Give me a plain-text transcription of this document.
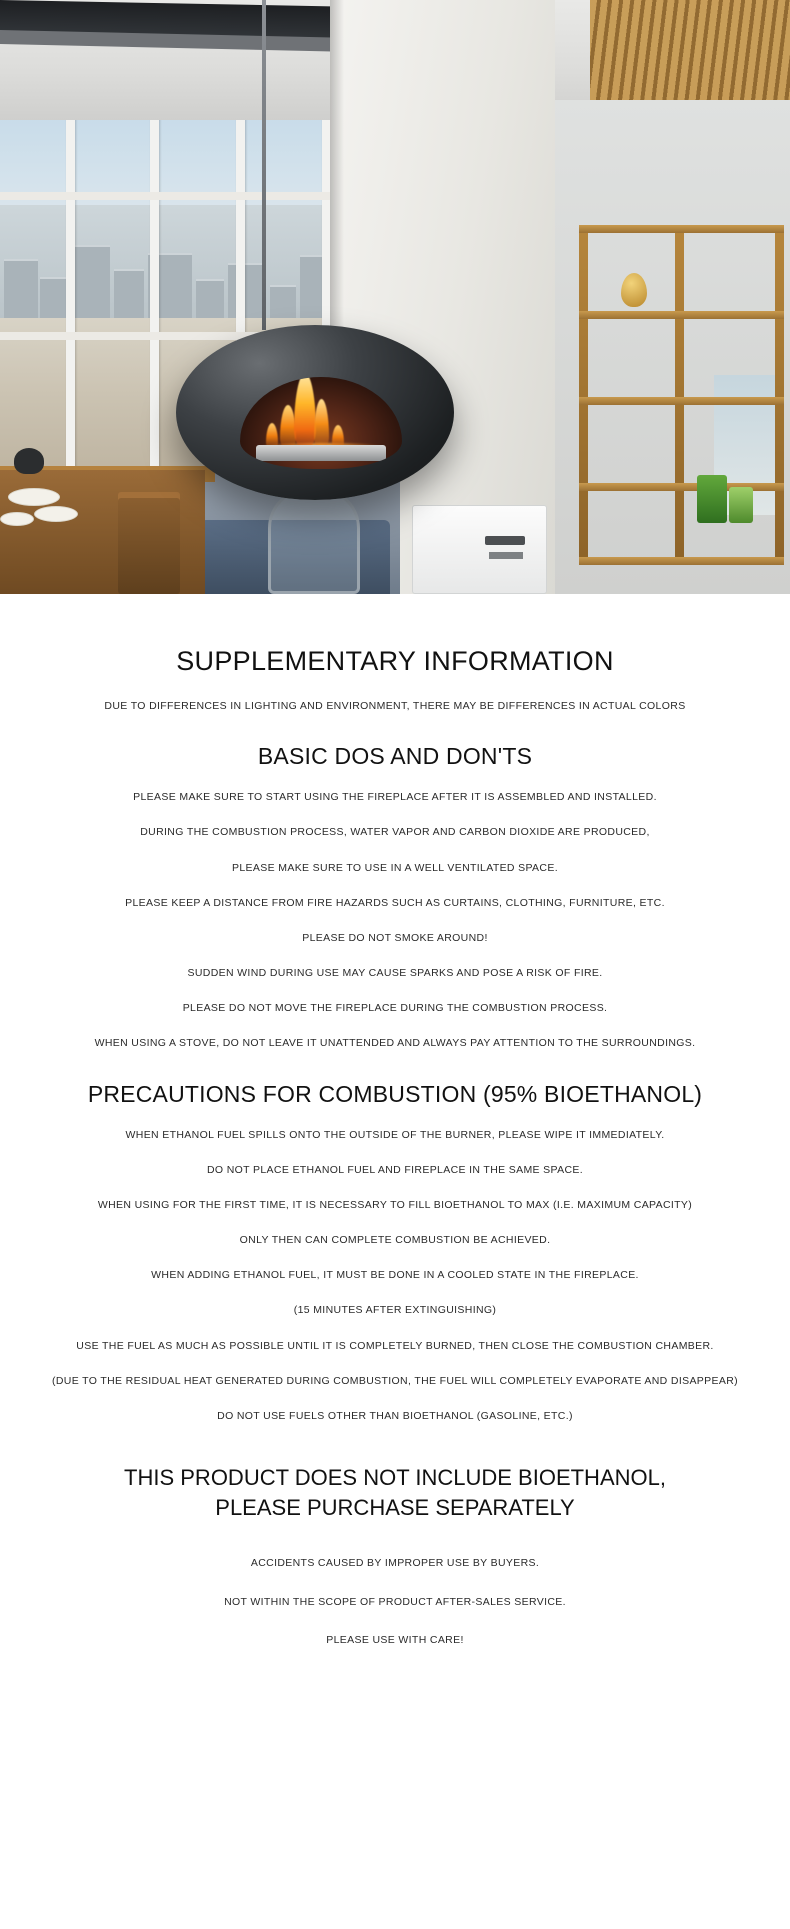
SUPPLEMENTARY INFORMATION

DUE TO DIFFERENCES IN LIGHTING AND ENVIRONMENT, THERE MAY BE DIFFERENCES IN ACTUAL COLORS

BASIC DOS AND DON'TS

PLEASE MAKE SURE TO START USING THE FIREPLACE AFTER IT IS ASSEMBLED AND INSTALLED.

DURING THE COMBUSTION PROCESS, WATER VAPOR AND CARBON DIOXIDE ARE PRODUCED,

PLEASE MAKE SURE TO USE IN A WELL VENTILATED SPACE.

PLEASE KEEP A DISTANCE FROM FIRE HAZARDS SUCH AS CURTAINS, CLOTHING, FURNITURE, ETC.

PLEASE DO NOT SMOKE AROUND!

SUDDEN WIND DURING USE MAY CAUSE SPARKS AND POSE A RISK OF FIRE.

PLEASE DO NOT MOVE THE FIREPLACE DURING THE COMBUSTION PROCESS.

WHEN USING A STOVE, DO NOT LEAVE IT UNATTENDED AND ALWAYS PAY ATTENTION TO THE SURROUNDINGS.

PRECAUTIONS FOR COMBUSTION (95% BIOETHANOL)

WHEN ETHANOL FUEL SPILLS ONTO THE OUTSIDE OF THE BURNER, PLEASE WIPE IT IMMEDIATELY.

DO NOT PLACE ETHANOL FUEL AND FIREPLACE IN THE SAME SPACE.

WHEN USING FOR THE FIRST TIME, IT IS NECESSARY TO FILL BIOETHANOL TO MAX (I.E. MAXIMUM CAPACITY)

ONLY THEN CAN COMPLETE COMBUSTION BE ACHIEVED.

WHEN ADDING ETHANOL FUEL, IT MUST BE DONE IN A COOLED STATE IN THE FIREPLACE.

(15 MINUTES AFTER EXTINGUISHING)

USE THE FUEL AS MUCH AS POSSIBLE UNTIL IT IS COMPLETELY BURNED, THEN CLOSE THE COMBUSTION CHAMBER.

(DUE TO THE RESIDUAL HEAT GENERATED DURING COMBUSTION, THE FUEL WILL COMPLETELY EVAPORATE AND DISAPPEAR)

DO NOT USE FUELS OTHER THAN BIOETHANOL (GASOLINE, ETC.)

THIS PRODUCT DOES NOT INCLUDE BIOETHANOL,
PLEASE PURCHASE SEPARATELY

ACCIDENTS CAUSED BY IMPROPER USE BY BUYERS.

NOT WITHIN THE SCOPE OF PRODUCT AFTER-SALES SERVICE.

PLEASE USE WITH CARE!
